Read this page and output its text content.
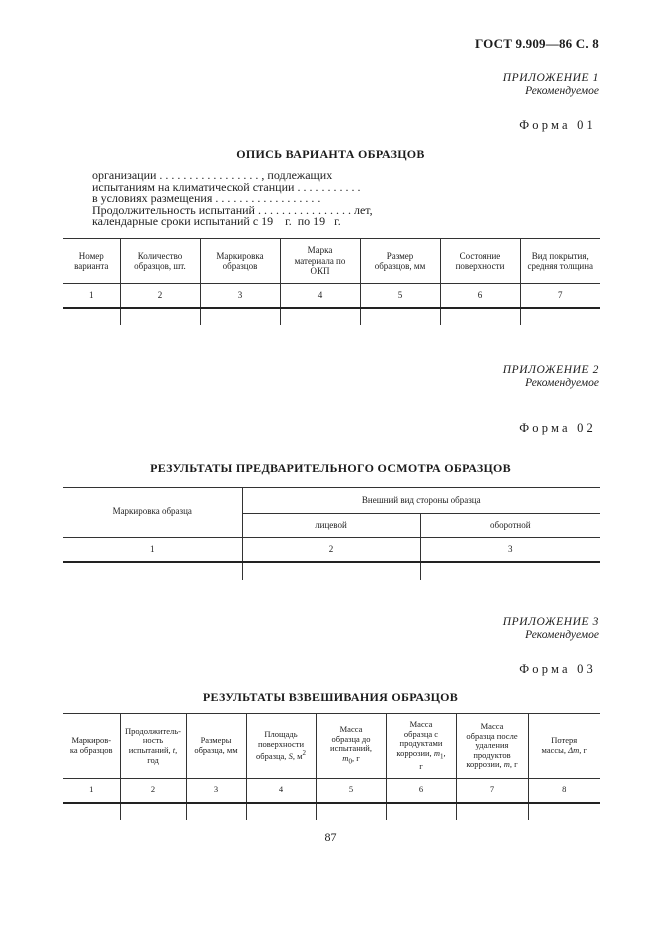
ГОСТ 9.909—86 С. 8
ПРИЛОЖЕНИЕ 1
Рекомендуемое
Форма 01
ОПИСЬ ВАРИАНТА ОБРАЗЦОВ
организации . . . . . . . . . . . . . . . . . , подлежащих
испытаниям на климатической станции . . . . . . . . . . .
в условиях размещения . . . . . . . . . . . . . . . . . .
Продолжительность испытаний . . . . . . . . . . . . . . . . лет,
календарные сроки испытаний с 19    г.  по 19   г.
Номер
варианта	Количество
образцов, шт.	Маркировка
образцов	Марка
материала по
ОКП	Размер
образцов, мм	Состояние
поверхности	Вид покрытия,
средняя толщина
1	2	3	4	5	6	7

ПРИЛОЖЕНИЕ 2
Рекомендуемое
Форма 02
РЕЗУЛЬТАТЫ ПРЕДВАРИТЕЛЬНОГО ОСМОТРА ОБРАЗЦОВ
Маркировка образца	Внешний вид стороны образца	
	лицевой	оборотной
1	2	3

ПРИЛОЖЕНИЕ 3
Рекомендуемое
Форма 03
РЕЗУЛЬТАТЫ ВЗВЕШИВАНИЯ ОБРАЗЦОВ
Маркиров-
ка образцов	Продолжитель-
ность
испытаний, t,
год	Размеры
образца, мм	Площадь
поверхности
образца, S, $м^2$	Масса
образца до
испытаний,
$m_0$, г	Масса
образца с
продуктами
коррозии, $m_1$,
г	Масса
образца после
удаления
продуктов
коррозии, m, г	Потеря
массы, Δm, г
1	2	3	4	5	6	7	8

87
